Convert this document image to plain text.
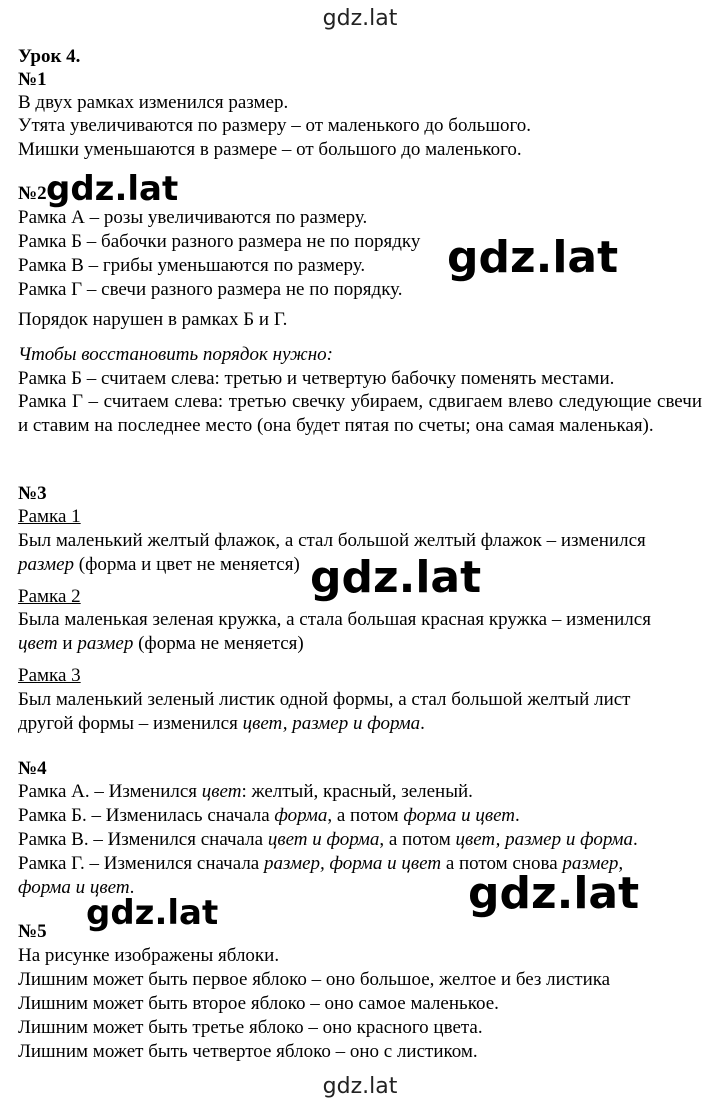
gdz.lat
Урок 4.
№1
В двух рамках изменился размер.
Утята увеличиваются по размеру – от маленького до большого.
Мишки уменьшаются в размере – от большого до маленького.
№2
Рамка А – розы увеличиваются по размеру.
Рамка Б – бабочки разного размера не по порядку
Рамка В – грибы уменьшаются по размеру.
Рамка Г – свечи разного размера не по порядку.
Порядок нарушен в рамках Б и Г.
Чтобы восстановить порядок нужно:
Рамка Б – считаем слева: третью и четвертую бабочку поменять местами.
Рамка Г – считаем слева: третью свечку убираем, сдвигаем влево следующие свечи и ставим на последнее место (она будет пятая по счеты; она самая маленькая).
№3
Рамка 1
Был маленький желтый флажок, а стал большой желтый флажок – изменился
размер (форма и цвет не меняется)
Рамка 2
Была маленькая зеленая кружка, а стала большая красная кружка – изменился
цвет и размер (форма не меняется)
Рамка 3
Был маленький зеленый листик одной формы, а стал большой желтый лист
другой формы – изменился цвет, размер и форма.
№4
Рамка А. – Изменился цвет: желтый, красный, зеленый.
Рамка Б. – Изменилась сначала форма, а потом форма и цвет.
Рамка В. – Изменился сначала цвет и форма, а потом цвет, размер и форма.
Рамка Г. – Изменился сначала размер, форма и цвет а потом снова размер,
форма и цвет.
№5
На рисунке изображены яблоки.
Лишним может быть первое яблоко – оно большое, желтое и без листика
Лишним может быть второе яблоко – оно самое маленькое.
Лишним может быть третье яблоко – оно красного цвета.
Лишним может быть четвертое яблоко – оно с листиком.
gdz.lat
gdz.lat
gdz.lat
gdz.lat
gdz.lat
gdz.lat
